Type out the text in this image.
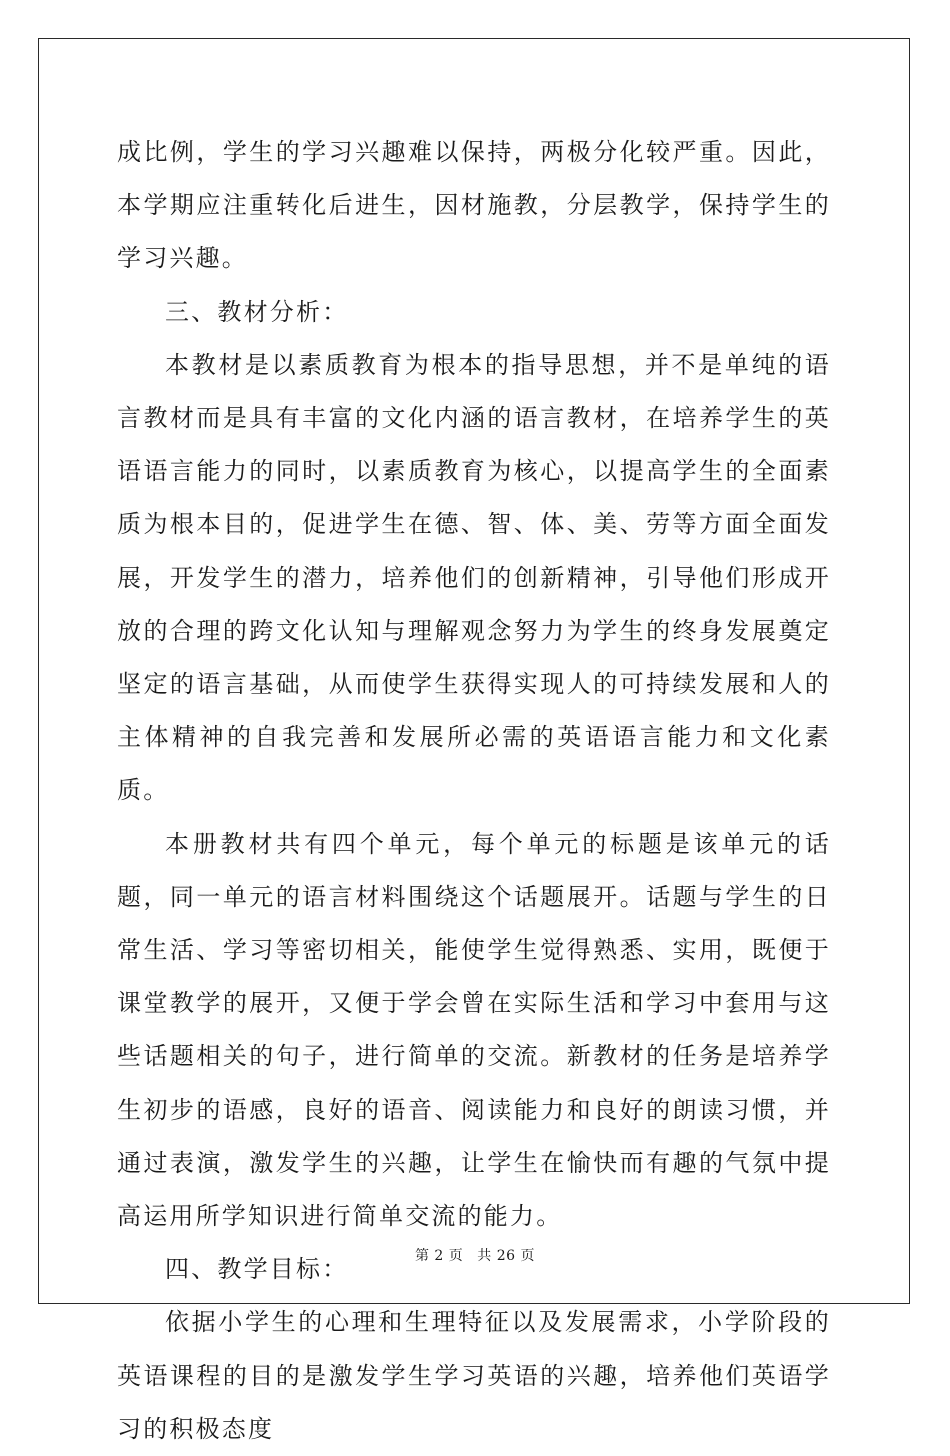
成比例，学生的学习兴趣难以保持，两极分化较严重。因此，本学期应注重转化后进生，因材施教，分层教学，保持学生的学习兴趣。

三、教材分析：

本教材是以素质教育为根本的指导思想，并不是单纯的语言教材而是具有丰富的文化内涵的语言教材，在培养学生的英语语言能力的同时，以素质教育为核心，以提高学生的全面素质为根本目的，促进学生在德、智、体、美、劳等方面全面发展，开发学生的潜力，培养他们的创新精神，引导他们形成开放的合理的跨文化认知与理解观念努力为学生的终身发展奠定坚定的语言基础，从而使学生获得实现人的可持续发展和人的主体精神的自我完善和发展所必需的英语语言能力和文化素质。

本册教材共有四个单元，每个单元的标题是该单元的话题，同一单元的语言材料围绕这个话题展开。话题与学生的日常生活、学习等密切相关，能使学生觉得熟悉、实用，既便于课堂教学的展开，又便于学会曾在实际生活和学习中套用与这些话题相关的句子，进行简单的交流。新教材的任务是培养学生初步的语感，良好的语音、阅读能力和良好的朗读习惯，并通过表演，激发学生的兴趣，让学生在愉快而有趣的气氛中提高运用所学知识进行简单交流的能力。

四、教学目标：

依据小学生的心理和生理特征以及发展需求，小学阶段的英语课程的目的是激发学生学习英语的兴趣，培养他们英语学习的积极态度

第 2 页 共 26 页
